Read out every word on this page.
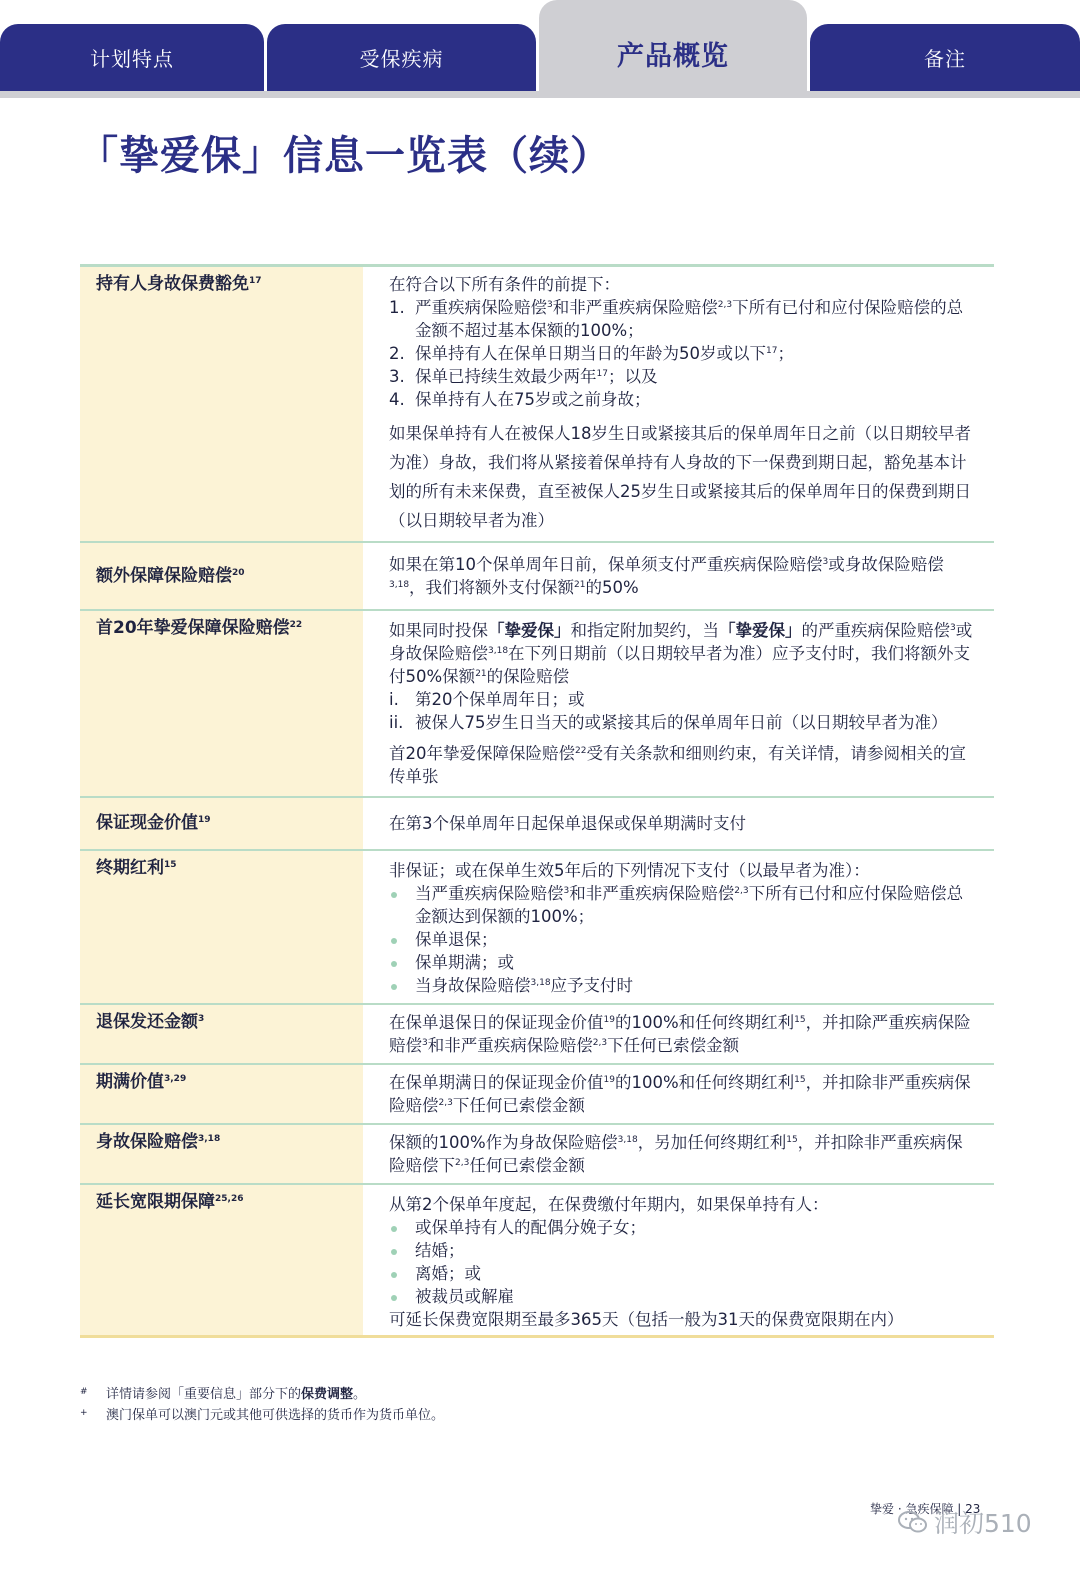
计划特点	受保疾病	产品概览	备注
「挚爱保」信息一览表（续）
持有人身故保费豁免$^{17}$	在符合以下所有条件的前提下：

1. 严重疾病保险赔偿$^3$和非严重疾病保险赔偿$^{2,3}$下所有已付和应付保险赔偿的总金额不超过基本保额的100%；
2. 保单持有人在保单日期当日的年龄为50岁或以下$^{17}$；
3. 保单已持续生效最少两年$^{17}$；以及
4. 保单持有人在75岁或之前身故；

如果保单持有人在被保人18岁生日或紧接其后的保单周年日之前（以日期较早者为准）身故，我们将从紧接着保单持有人身故的下一保费到期日起，豁免基本计划的所有未来保费，直至被保人25岁生日或紧接其后的保单周年日的保费到期日（以日期较早者为准）

额外保障保险赔偿$^{20}$	如果在第10个保单周年日前，保单须支付严重疾病保险赔偿$^3$或身故保险赔偿$^{3,18}$，我们将额外支付保额$^{21}$的50%

首20年挚爱保障保险赔偿$^{22}$	如果同时投保「挚爱保」和指定附加契约，当「挚爱保」的严重疾病保险赔偿$^3$或身故保险赔偿$^{3,18}$在下列日期前（以日期较早者为准）应予支付时，我们将额外支付50%保额$^{21}$的保险赔偿

i. 第20个保单周年日；或
ii. 被保人75岁生日当天的或紧接其后的保单周年日前（以日期较早者为准）

首20年挚爱保障保险赔偿$^{22}$受有关条款和细则约束，有关详情，请参阅相关的宣传单张

保证现金价值$^{19}$	在第3个保单周年日起保单退保或保单期满时支付

终期红利$^{15}$	非保证；或在保单生效5年后的下列情况下支付（以最早者为准）：

当严重疾病保险赔偿$^3$和非严重疾病保险赔偿$^{2,3}$下所有已付和应付保险赔偿总金额达到保额的100%；
保单退保；
保单期满；或
当身故保险赔偿$^{3,18}$应予支付时
退保发还金额$^3$	在保单退保日的保证现金价值$^{19}$的100%和任何终期红利$^{15}$，并扣除严重疾病保险赔偿$^3$和非严重疾病保险赔偿$^{2,3}$下任何已索偿金额

期满价值$^{3,29}$	在保单期满日的保证现金价值$^{19}$的100%和任何终期红利$^{15}$，并扣除非严重疾病保险赔偿$^{2,3}$下任何已索偿金额

身故保险赔偿$^{3,18}$	保额的100%作为身故保险赔偿$^{3,18}$，另加任何终期红利$^{15}$，并扣除非严重疾病保险赔偿下$^{2,3}$任何已索偿金额

延长宽限期保障$^{25,26}$	从第2个保单年度起，在保费缴付年期内，如果保单持有人：

或保单持有人的配偶分娩子女；
结婚；
离婚；或
被裁员或解雇

可延长保费宽限期至最多365天（包括一般为31天的保费宽限期在内）

# 详情请参阅「重要信息」部分下的保费调整。
+ 澳门保单可以澳门元或其他可供选择的货币作为货币单位。
挚爱 · 急疾保障 | 23
润初510
